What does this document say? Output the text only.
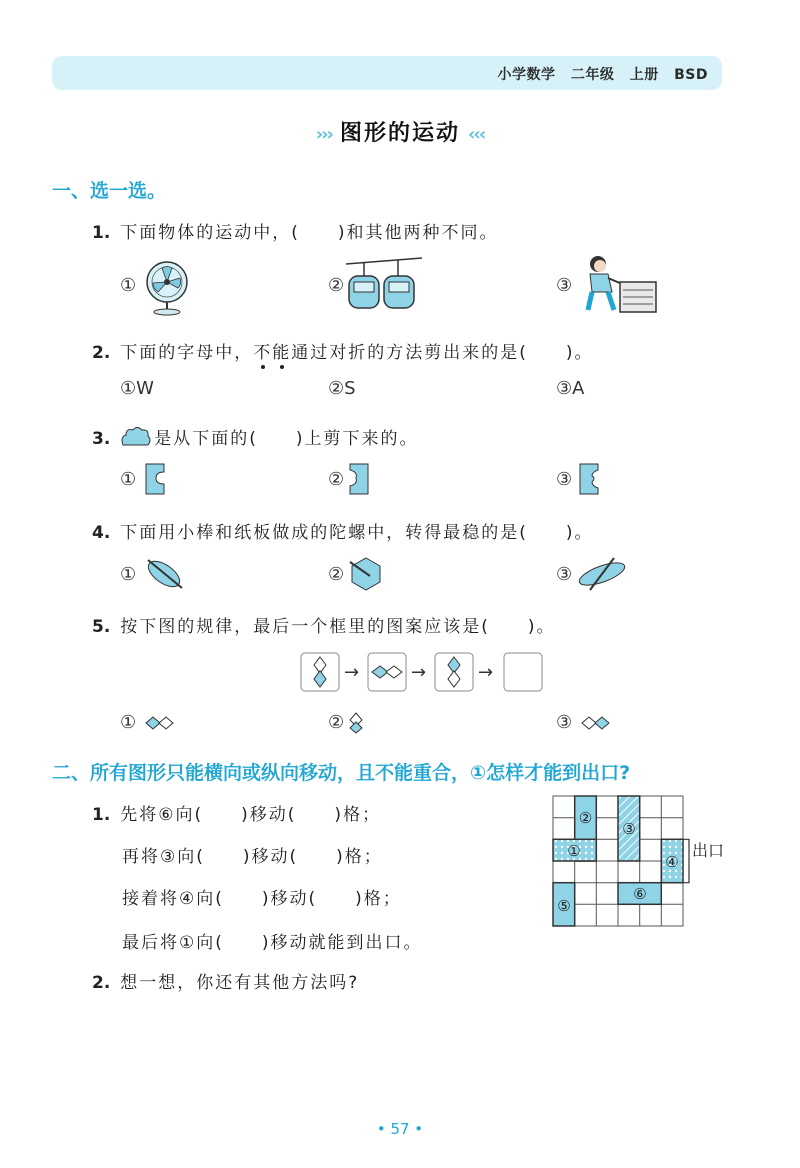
小学数学 二年级 上册 BSD
››› 图形的运动 ‹‹‹
一、选一选。
1. 下面物体的运动中，(　　)和其他两种不同。
①	②	③
2. 下面的字母中，不能通过对折的方法剪出来的是(　　)。
①W	②S	③A
3.	是从下面的(　　)上剪下来的。
①	②	③
4. 下面用小棒和纸板做成的陀螺中，转得最稳的是(　　)。
①	②	③
5. 按下图的规律，最后一个框里的图案应该是(　　)。
→	→	→
①	②	③
二、所有图形只能横向或纵向移动，且不能重合，①怎样才能到出口?
1. 先将⑥向(　　)移动(　　)格；
再将③向(　　)移动(　　)格；
接着将④向(　　)移动(　　)格；
最后将①向(　　)移动就能到出口。
2. 想一想，你还有其他方法吗?
①
②
③
④
⑤
⑥
出口
• 57 •
